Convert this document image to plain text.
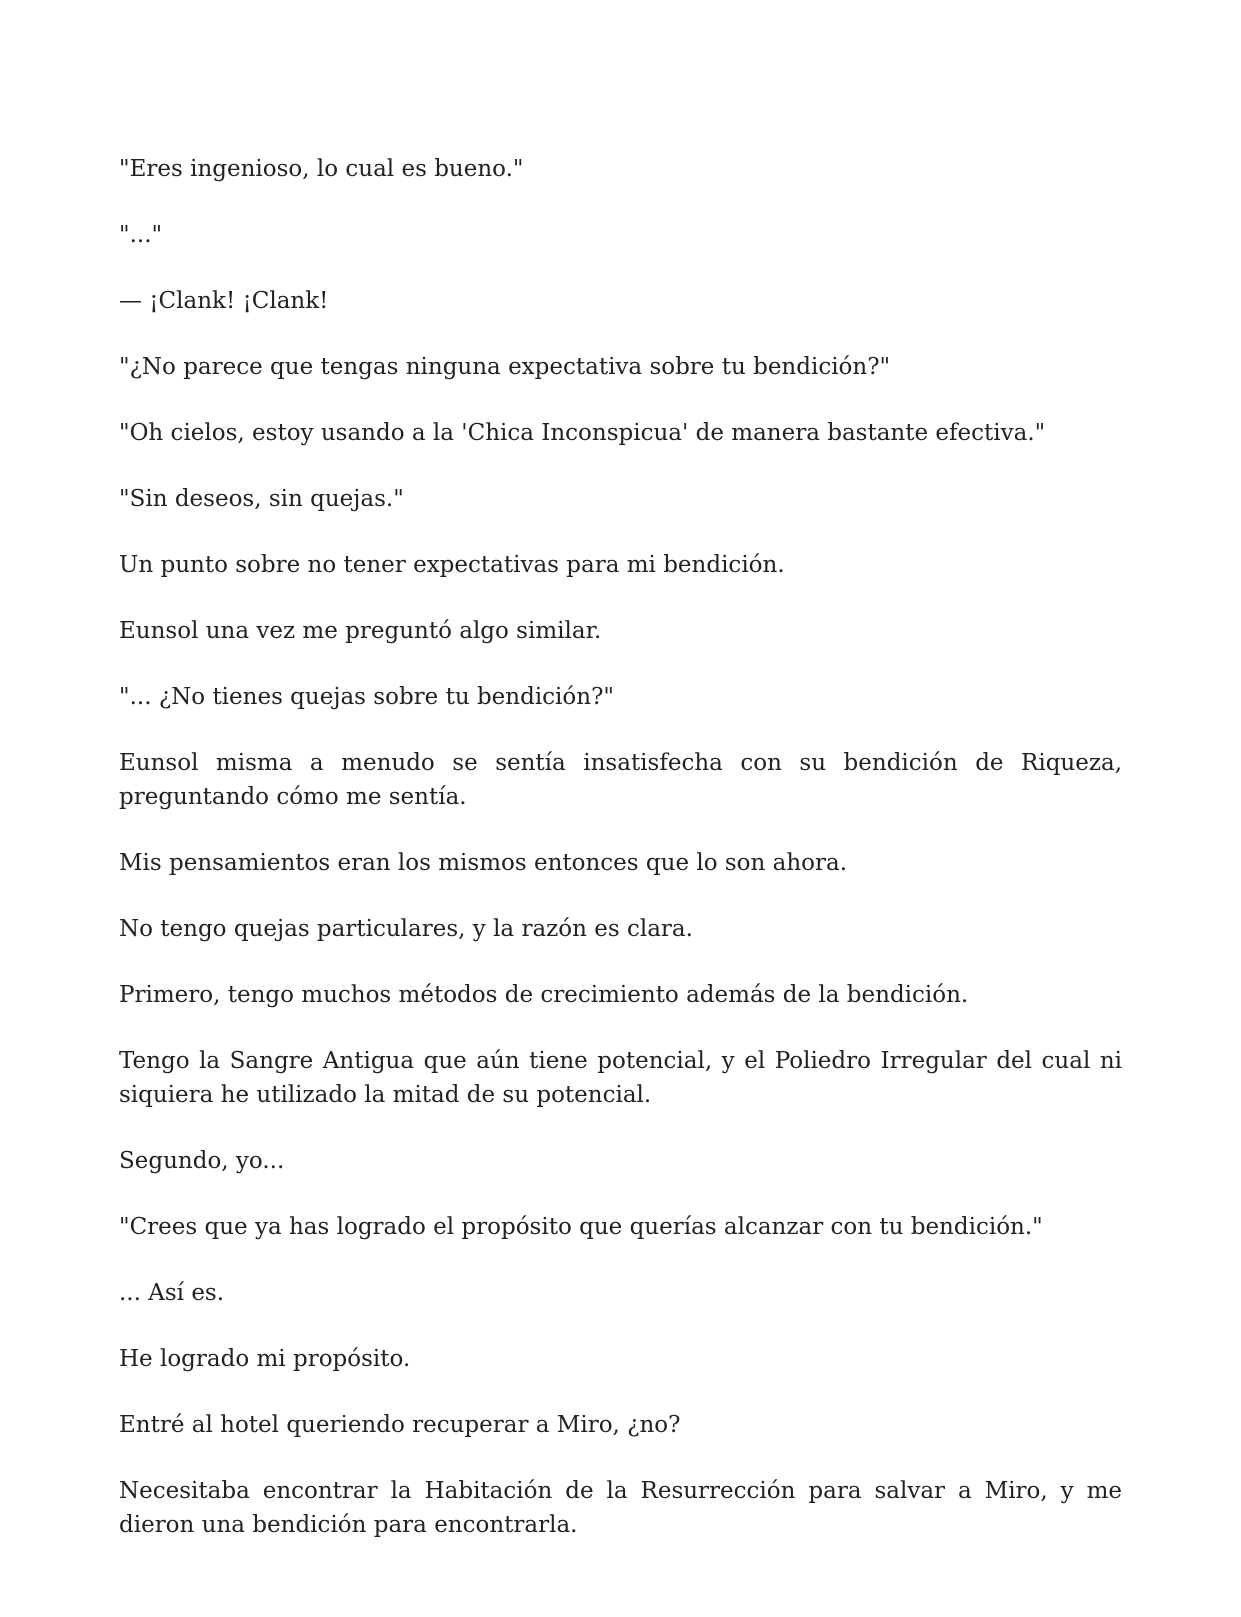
"Eres ingenioso, lo cual es bueno."

"..."

— ¡Clank! ¡Clank!

"¿No parece que tengas ninguna expectativa sobre tu bendición?"

"Oh cielos, estoy usando a la 'Chica Inconspicua' de manera bastante efectiva."

"Sin deseos, sin quejas."

Un punto sobre no tener expectativas para mi bendición.

Eunsol una vez me preguntó algo similar.

"... ¿No tienes quejas sobre tu bendición?"

Eunsol misma a menudo se sentía insatisfecha con su bendición de Riqueza, preguntando cómo me sentía.

Mis pensamientos eran los mismos entonces que lo son ahora.

No tengo quejas particulares, y la razón es clara.

Primero, tengo muchos métodos de crecimiento además de la bendición.

Tengo la Sangre Antigua que aún tiene potencial, y el Poliedro Irregular del cual ni siquiera he utilizado la mitad de su potencial.

Segundo, yo...

"Crees que ya has logrado el propósito que querías alcanzar con tu bendición."

... Así es.

He logrado mi propósito.

Entré al hotel queriendo recuperar a Miro, ¿no?

Necesitaba encontrar la Habitación de la Resurrección para salvar a Miro, y me dieron una bendición para encontrarla.
